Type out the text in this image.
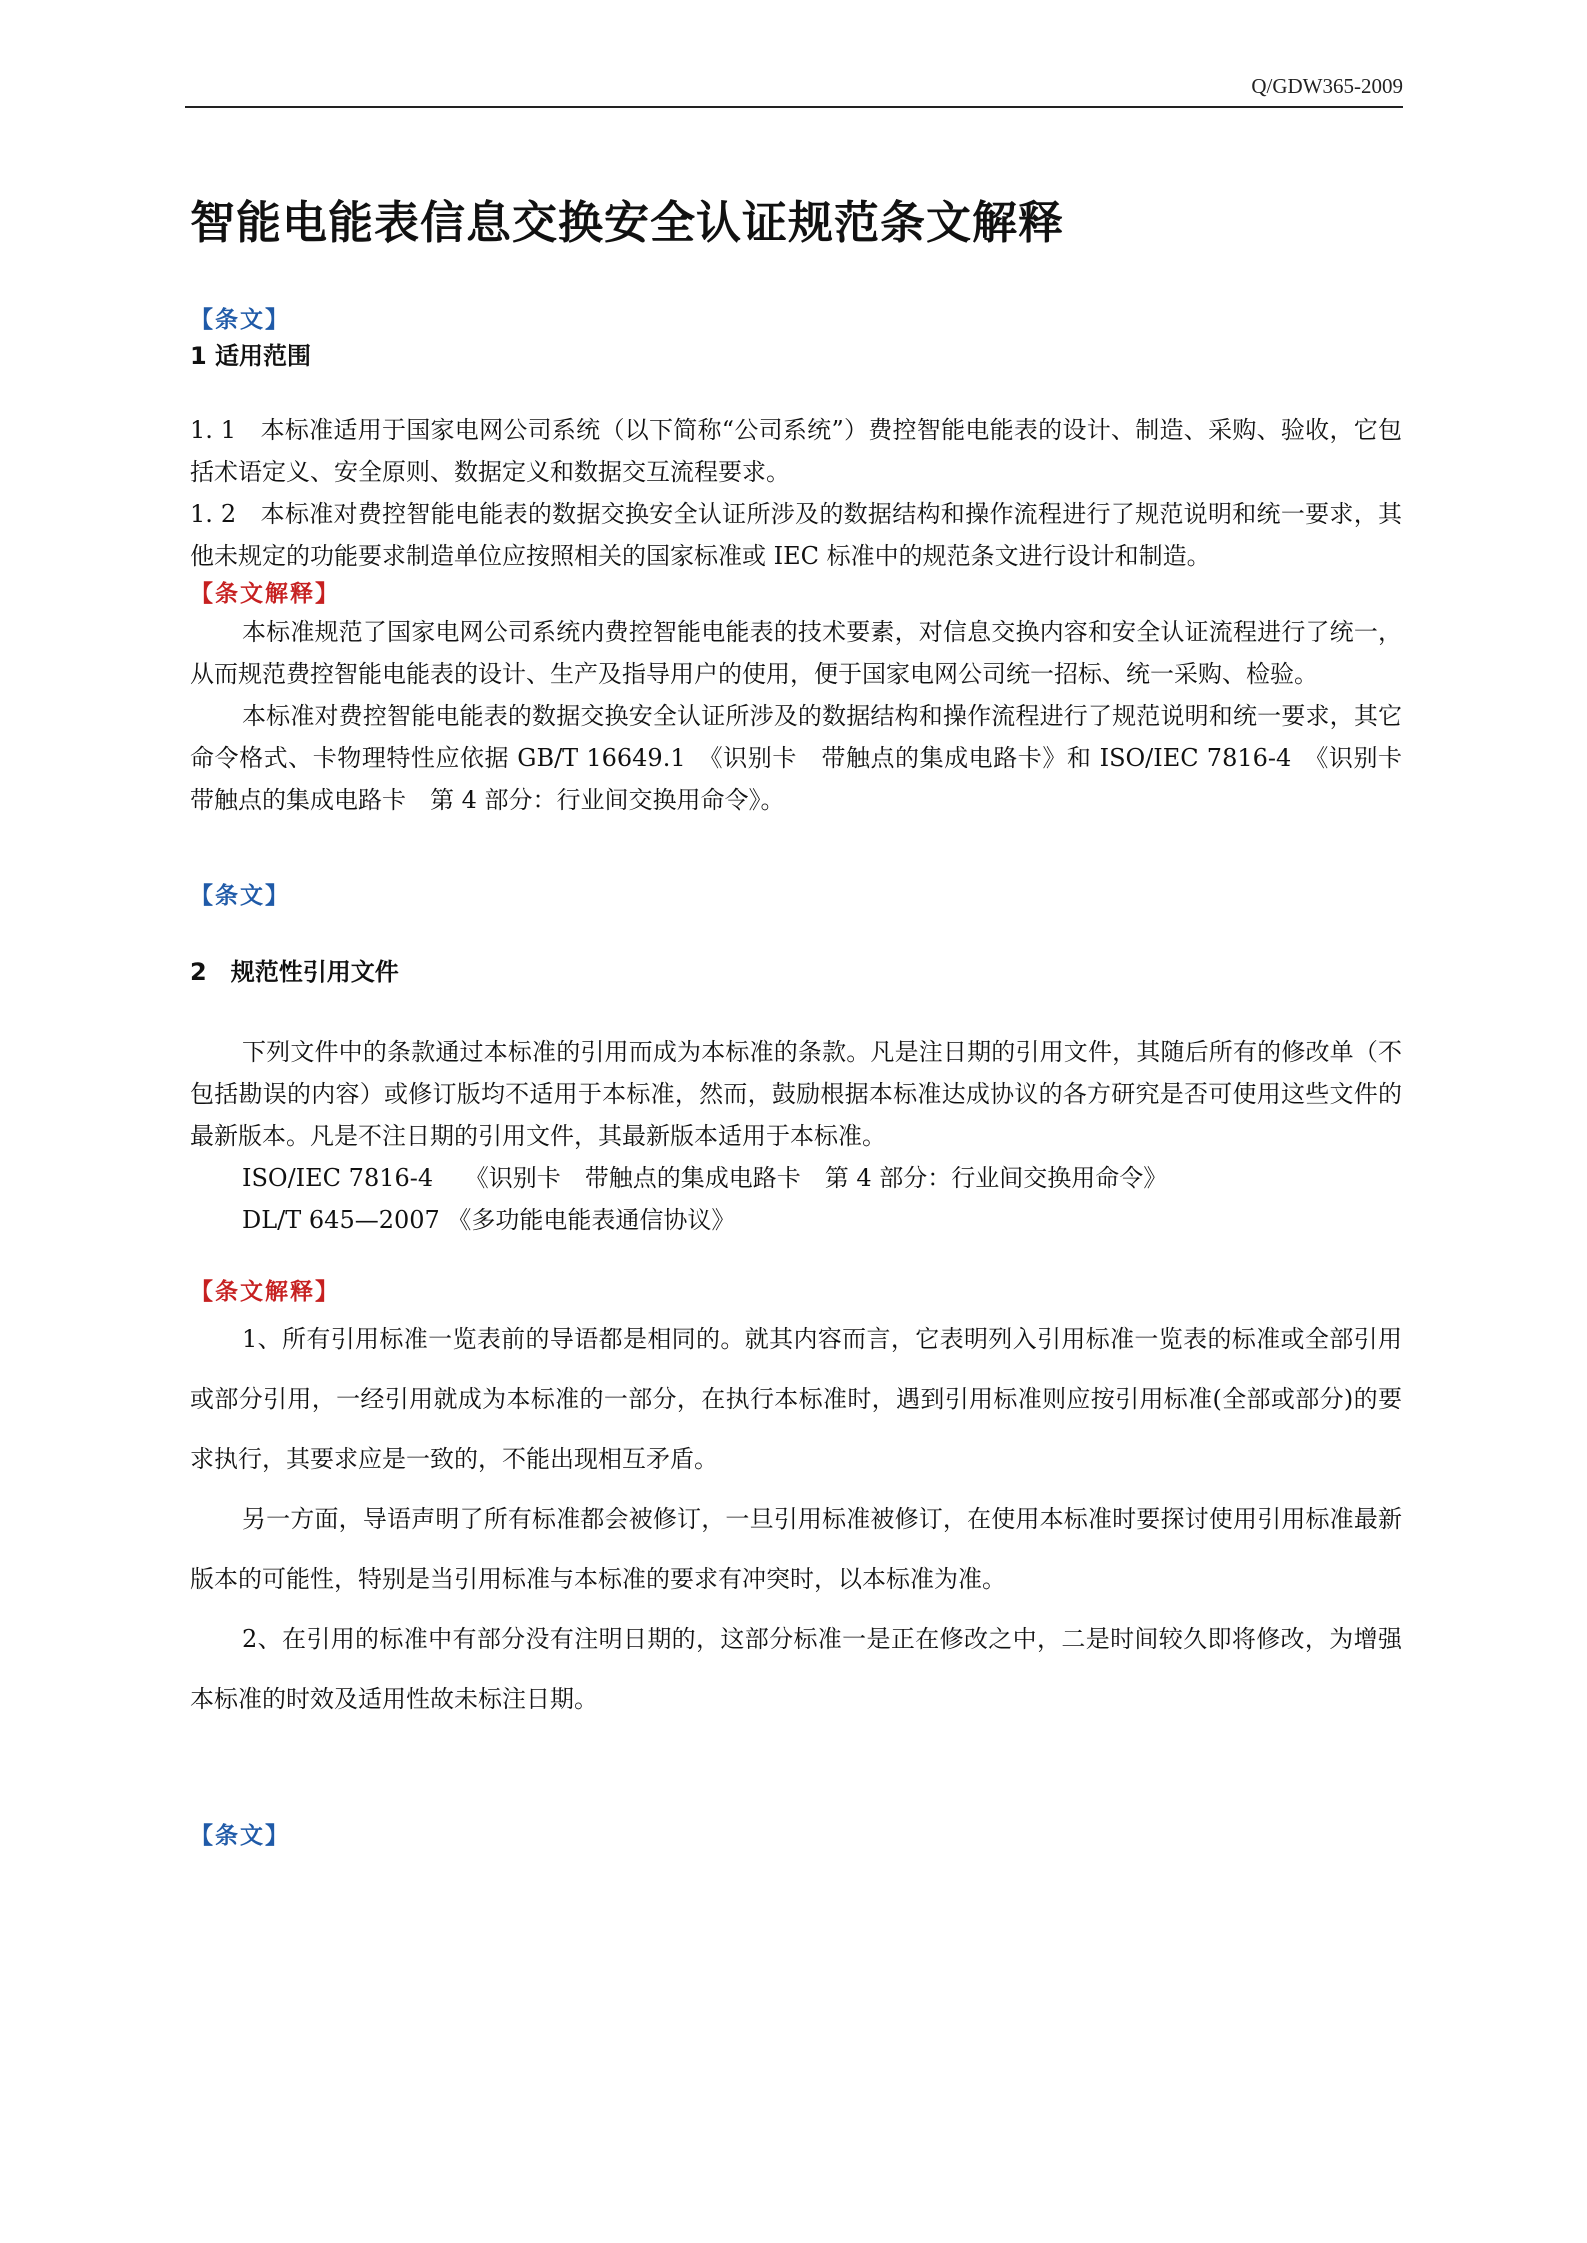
Q/GDW365-2009
智能电能表信息交换安全认证规范条文解释
【条文】
1 适用范围

1. 1　本标准适用于国家电网公司系统（以下简称“公司系统”）费控智能电能表的设计、制造、采购、验收，它包括术语定义、安全原则、数据定义和数据交互流程要求。

1. 2　本标准对费控智能电能表的数据交换安全认证所涉及的数据结构和操作流程进行了规范说明和统一要求，其他未规定的功能要求制造单位应按照相关的国家标准或 IEC 标准中的规范条文进行设计和制造。

【条文解释】

本标准规范了国家电网公司系统内费控智能电能表的技术要素，对信息交换内容和安全认证流程进行了统一，从而规范费控智能电能表的设计、生产及指导用户的使用，便于国家电网公司统一招标、统一采购、检验。

本标准对费控智能电能表的数据交换安全认证所涉及的数据结构和操作流程进行了规范说明和统一要求，其它命令格式、卡物理特性应依据 GB/T 16649.1　《识别卡　带触点的集成电路卡》和 ISO/IEC 7816-4　《识别卡　带触点的集成电路卡　第 4 部分：行业间交换用命令》。

【条文】
2　规范性引用文件

下列文件中的条款通过本标准的引用而成为本标准的条款。凡是注日期的引用文件，其随后所有的修改单（不包括勘误的内容）或修订版均不适用于本标准，然而，鼓励根据本标准达成协议的各方研究是否可使用这些文件的最新版本。凡是不注日期的引用文件，其最新版本适用于本标准。

ISO/IEC 7816-4　 《识别卡　带触点的集成电路卡　第 4 部分：行业间交换用命令》
DL/T 645—2007 《多功能电能表通信协议》
【条文解释】

1、所有引用标准一览表前的导语都是相同的。就其内容而言，它表明列入引用标准一览表的标准或全部引用或部分引用，一经引用就成为本标准的一部分，在执行本标准时，遇到引用标准则应按引用标准(全部或部分)的要求执行，其要求应是一致的，不能出现相互矛盾。

另一方面，导语声明了所有标准都会被修订，一旦引用标准被修订，在使用本标准时要探讨使用引用标准最新版本的可能性，特别是当引用标准与本标准的要求有冲突时，以本标准为准。

2、在引用的标准中有部分没有注明日期的，这部分标准一是正在修改之中，二是时间较久即将修改，为增强本标准的时效及适用性故未标注日期。

【条文】
